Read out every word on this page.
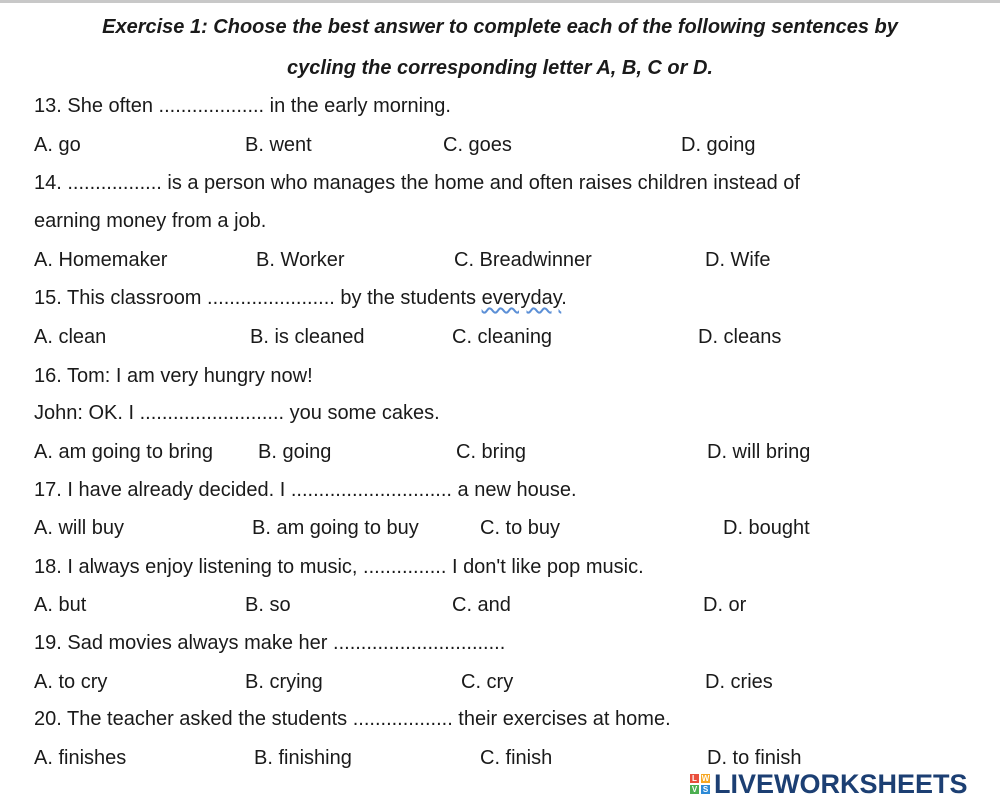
Exercise 1: Choose the best answer to complete each of the following sentences by
cycling the corresponding letter A, B, C or D.
13. She often ................... in the early morning.
A. go	B. went	C. goes	D. going
14. ................. is a person who manages the home and often raises children instead of
earning money from a job.
A. Homemaker	B. Worker	C. Breadwinner	D. Wife
15. This classroom ....................... by the students everyday.
A. clean	B. is cleaned	C. cleaning	D. cleans
16. Tom: I am very hungry now!
John: OK. I .......................... you some cakes.
A. am going to bring B. going	C. bring	D. will bring
17. I have already decided. I ............................. a new house.
A. will buy	B. am going to buy	C. to buy	D. bought
18. I always enjoy listening to music, ............... I don't like pop music.
A. but	B. so	C. and	D. or
19. Sad movies always make her ...............................
A. to cry	B. crying	C. cry	D. cries
20. The teacher asked the students .................. their exercises at home.
A. finishes	B. finishing	C. finish	D. to finish
L W
V S LIVEWORKSHEETS
